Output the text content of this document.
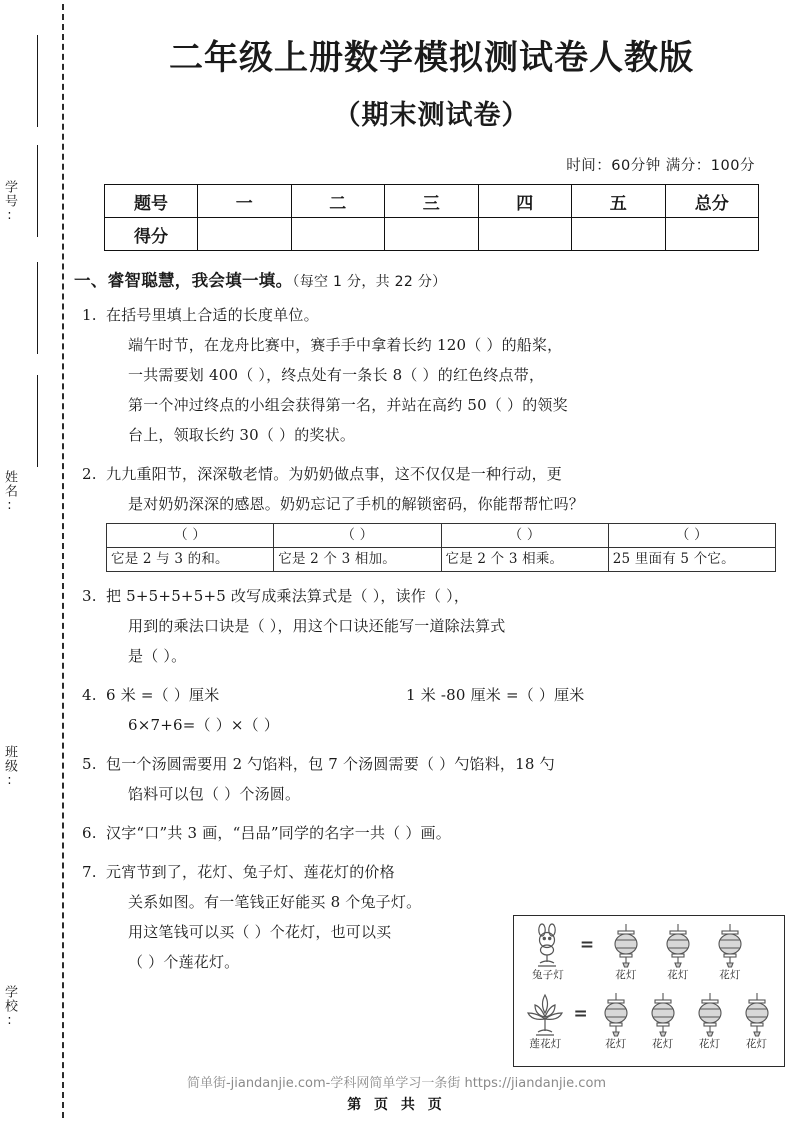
学号:
姓名:
班级:
学校:
二年级上册数学模拟测试卷人教版
（期末测试卷）
时间：60分钟 满分：100分
题号	一	二	三	四	五	总分
得分						
一、睿智聪慧，我会填一填。（每空 1 分，共 22 分）
1. 在括号里填上合适的长度单位。
端午时节，在龙舟比赛中，赛手手中拿着长约 120（ ）的船桨，
一共需要划 400（ ），终点处有一条长 8（ ）的红色终点带，
第一个冲过终点的小组会获得第一名，并站在高约 50（ ）的领奖
台上，领取长约 30（ ）的奖状。
2. 九九重阳节，深深敬老情。为奶奶做点事，这不仅仅是一种行动，更
是对奶奶深深的感恩。奶奶忘记了手机的解锁密码，你能帮帮忙吗？
（ ）	（ ）	（ ）	（ ）
它是 2 与 3 的和。	它是 2 个 3 相加。	它是 2 个 3 相乘。	25 里面有 5 个它。
3. 把 5+5+5+5+5 改写成乘法算式是（ ），读作（ ），
用到的乘法口诀是（ ），用这个口诀还能写一道除法算式
是（ ）。
4. 6 米 =（ ）厘米	1 米 -80 厘米 =（ ）厘米
6×7+6=（ ）×（ ）
5. 包一个汤圆需要用 2 勺馅料，包 7 个汤圆需要（ ）勺馅料，18 勺
馅料可以包（ ）个汤圆。
6. 汉字“口”共 3 画，“吕品”同学的名字一共（ ）画。
7. 元宵节到了，花灯、兔子灯、莲花灯的价格
关系如图。有一笔钱正好能买 8 个兔子灯。
用这笔钱可以买（ ）个花灯，也可以买
（ ）个莲花灯。
兔子灯
=
花灯	花灯	花灯
莲花灯
=
花灯	花灯	花灯	花灯
简单街-jiandanjie.com-学科网简单学习一条街 https://jiandanjie.com
第 页 共 页
